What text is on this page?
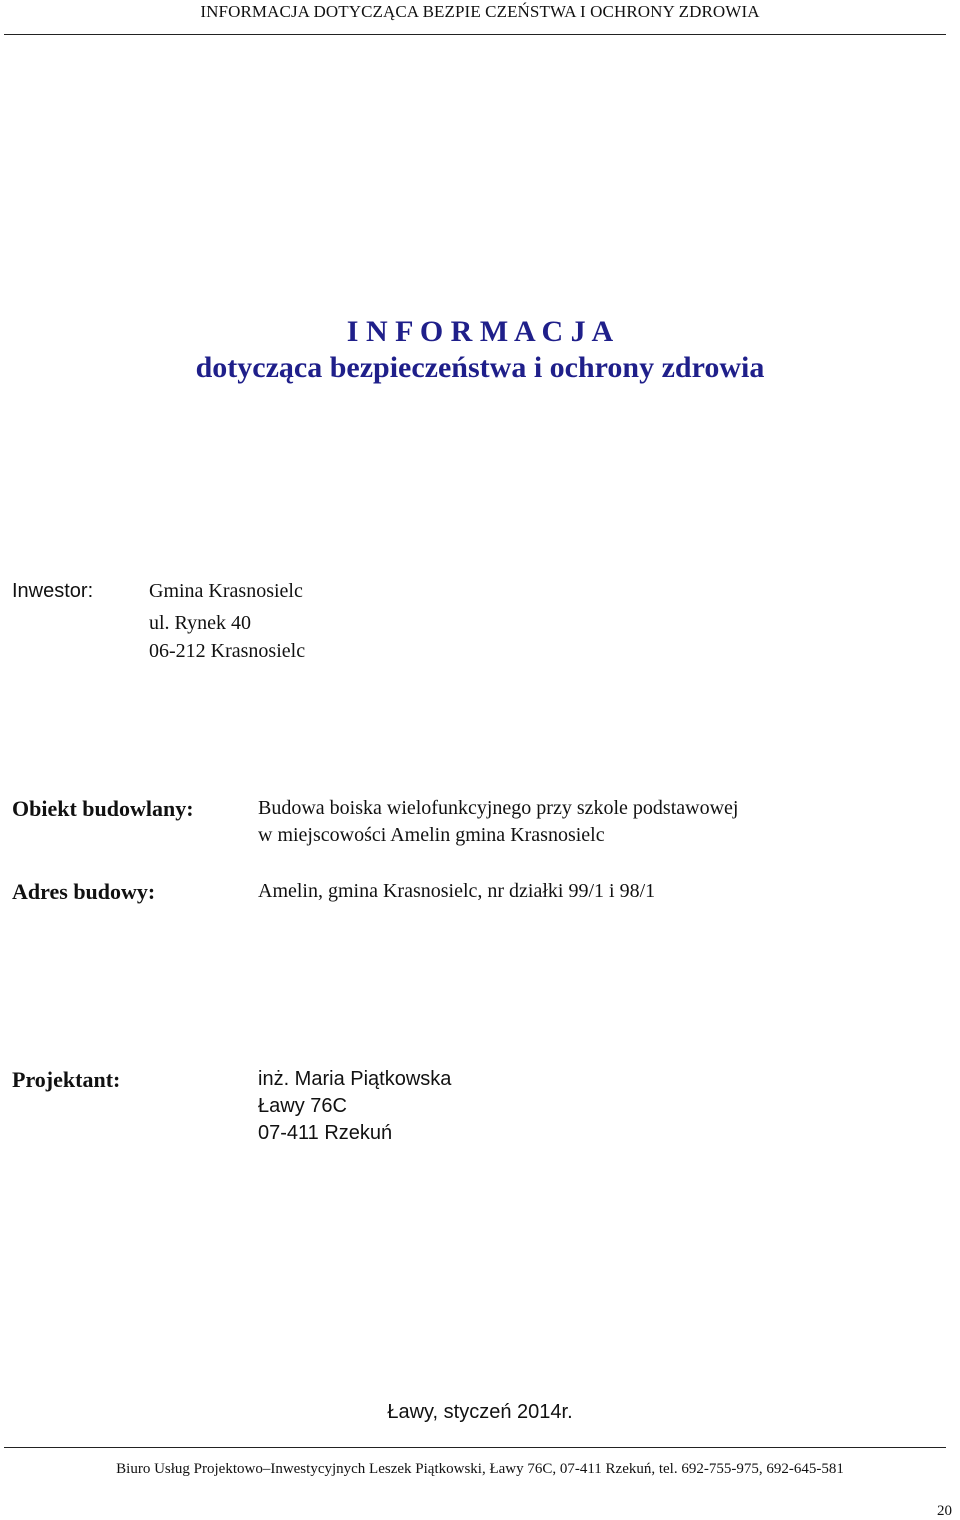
INFORMACJA DOTYCZĄCA BEZPIE CZEŃSTWA I OCHRONY ZDROWIA
I N F O R M A C J A
dotycząca bezpieczeństwa i ochrony zdrowia
Inwestor:	Gmina Krasnosielc
ul. Rynek 40
06-212 Krasnosielc
Obiekt budowlany:	Budowa boiska wielofunkcyjnego przy szkole podstawowej
w miejscowości Amelin gmina Krasnosielc
Adres budowy:	Amelin, gmina Krasnosielc, nr działki 99/1 i 98/1
Projektant:	inż. Maria Piątkowska
Ławy 76C
07-411 Rzekuń
Ławy, styczeń 2014r.
Biuro Usług Projektowo–Inwestycyjnych Leszek Piątkowski, Ławy 76C, 07-411 Rzekuń, tel. 692-755-975, 692-645-581
20
